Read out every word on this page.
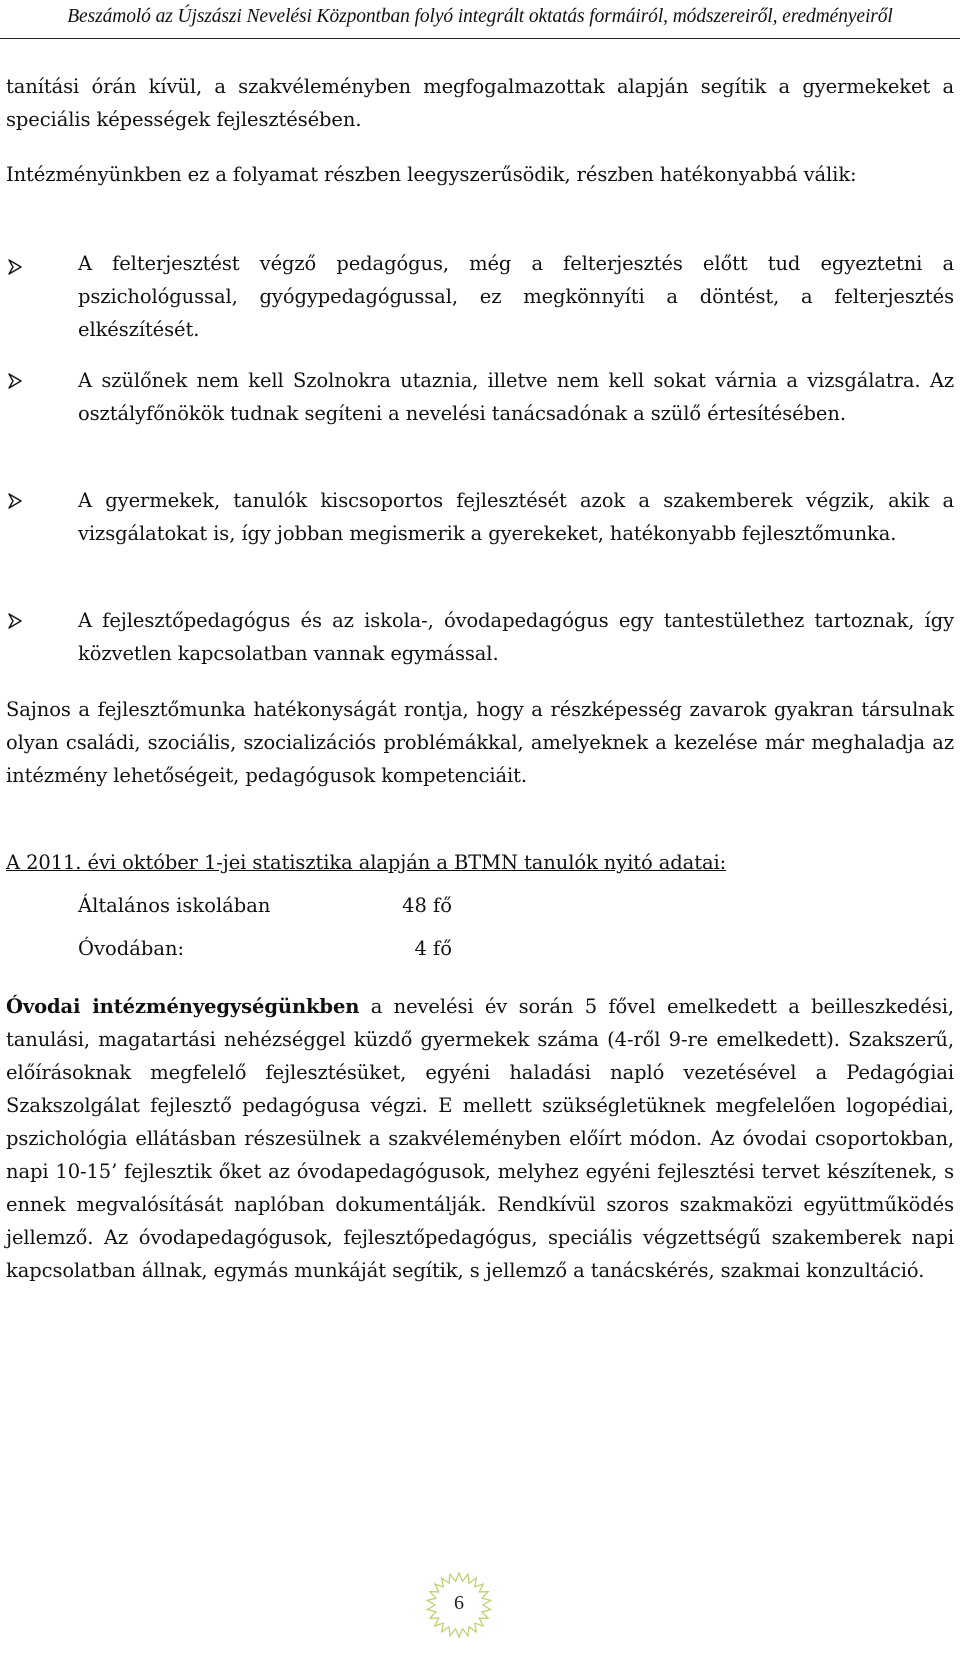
Beszámoló az Újszászi Nevelési Központban folyó integrált oktatás formáiról, módszereiről, eredményeiről
tanítási órán kívül, a szakvéleményben megfogalmazottak alapján segítik a gyermekeket a speciális képességek fejlesztésében.
Intézményünkben ez a folyamat részben leegyszerűsödik, részben hatékonyabbá válik:
A felterjesztést végző pedagógus, még a felterjesztés előtt tud egyeztetni a pszichológussal, gyógypedagógussal, ez megkönnyíti a döntést, a felterjesztés elkészítését.
A szülőnek nem kell Szolnokra utaznia, illetve nem kell sokat várnia a vizsgálatra. Az osztályfőnökök tudnak segíteni a nevelési tanácsadónak a szülő értesítésében.
A gyermekek, tanulók kiscsoportos fejlesztését azok a szakemberek végzik, akik a vizsgálatokat is, így jobban megismerik a gyerekeket, hatékonyabb fejlesztőmunka.
A fejlesztőpedagógus és az iskola-, óvodapedagógus egy tantestülethez tartoznak, így közvetlen kapcsolatban vannak egymással.
Sajnos a fejlesztőmunka hatékonyságát rontja, hogy a részképesség zavarok gyakran társulnak olyan családi, szociális, szocializációs problémákkal, amelyeknek a kezelése már meghaladja az intézmény lehetőségeit, pedagógusok kompetenciáit.
A 2011. évi október 1-jei statisztika alapján a BTMN tanulók nyitó adatai:
Általános iskolában	48 fő
Óvodában:	4 fő
Óvodai intézményegységünkben a nevelési év során 5 fővel emelkedett a beilleszkedési, tanulási, magatartási nehézséggel küzdő gyermekek száma (4-ről 9-re emelkedett). Szakszerű, előírásoknak megfelelő fejlesztésüket, egyéni haladási napló vezetésével a Pedagógiai Szakszolgálat fejlesztő pedagógusa végzi. E mellett szükségletüknek megfelelően logopédiai, pszichológia ellátásban részesülnek a szakvéleményben előírt módon. Az óvodai csoportokban, napi 10-15’ fejlesztik őket az óvodapedagógusok, melyhez egyéni fejlesztési tervet készítenek, s ennek megvalósítását naplóban dokumentálják. Rendkívül szoros szakmaközi együttműködés jellemző. Az óvodapedagógusok, fejlesztőpedagógus, speciális végzettségű szakemberek napi kapcsolatban állnak, egymás munkáját segítik, s jellemző a tanácskérés, szakmai konzultáció.
6
